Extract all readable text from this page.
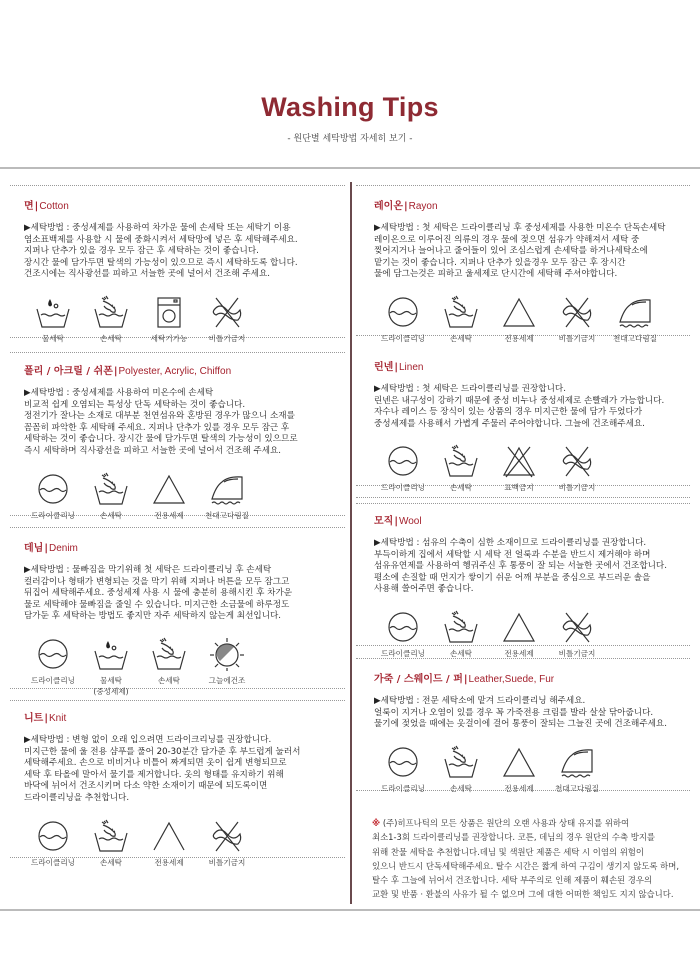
Washing Tips
- 원단별 세탁방법 자세히 보기 -
면|Cotton
▶세탁방법 : 중성세제를 사용하여 차가운 물에 손세탁 또는 세탁기 이용
염소표백제를 사용할 시 물에 중화시켜서 세탁망에 넣은 후 세탁해주세요.
지퍼나 단추가 있을 경우 모두 잠근 후 세탁하는 것이 좋습니다.
장시간 물에 담가두면 탈색의 가능성이 있으므로 즉시 세탁하도록 합니다.
건조시에는 직사광선를 피하고 서늘한 곳에 널어서 건조해 주세요.
물세탁	손세탁	세탁기가능	비틀기금지
폴리 / 아크릴 / 쉬폰|Polyester, Acrylic, Chiffon
▶세탁방법 : 중성세제를 사용하여 미온수에 손세탁
비교적 쉽게 오염되는 특성상 단독 세탁하는 것이 좋습니다.
정전기가 잘나는 소재로 대부분 천연섬유와 혼방된 경우가 많으니 소재를
꼼꼼히 파악한 후 세탁해 주세요. 지퍼나 단추가 있를 경우 모두 잠근 후
세탁하는 것이 좋습니다. 장시간 물에 담가두면 탈색의 가능성이 있으므로
즉시 세탁하며 직사광선을 피하고 서늘한 곳에 널어서 건조해 주세요.
드라이클리닝	손세탁	전용세제	천대고다림질
데님|Denim
▶세탁방법 : 물빠짐을 막기위해 첫 세탁은 드라이클리닝 후 손세탁
컬러감이나 형태가 변형되는 것을 막기 위해 지퍼나 버튼을 모두 잠그고
뒤집어 세탁해주세요. 중성세제 사용 시 물에 충분히 용해시킨 후 차가운
물로 세탁해야 물빠짐을 줄일 수 있습니다. 미지근한 소금물에 하루정도
담가둔 후 세탁하는 방법도 좋지만 자주 세탁하지 않는게 최선입니다.
드라이클리닝	물세탁
(중성세제)
손세탁	그늘에건조
니트|Knit
▶세탁방법 : 변형 없이 오래 입으려면 드라이크리닝를 권장합니다.
미지근한 물에 울 전용 샴푸를 풀어 20-30분간 담가준 후 부드럽게 눌러서
세탁해주세요. 손으로 비비거나 비틀어 짜게되면 옷이 쉽게 변형되므로
세탁 후 타올에 말아서 물기를 제거합니다. 옷의 형태를 유지하기 위해
바닥에 뉘어서 건조시키며 다소 약한 소재이기 때문에 되도록이면
드라이클리닝을 추천합니다.
드라이클리닝	손세탁	전용세제	비틀기금지
레이온|Rayon
▶세탁방법 : 첫 세탁은 드라이클리닝 후 중성세제를 사용한 미온수 단독손세탁
레이온으로 이루어진 의류의 경우 물에 젖으면 섬유가 약해져서 세탁 중
찢어지거나 늘어나고 줄어들이 있어 조심스럽게 손세탁를 하거나세탁소에
맡기는 것이 좋습니다. 지퍼나 단추가 있을경우 모두 잠근 후 장시간
물에 담그는것은 피하고 울세제로 단시간에 세탁해 주셔야합니다.
드라이클리닝	손세탁	전용세제	비틀기금지 천대고다림질
린넨|Linen
▶세탁방법 : 첫 세탁은 드라이클리닝를 권장합니다.
린넨은 내구성이 강하기 때문에 중성 비누나 중성세제로 손빨래가 가능합니다.
자수나 레이스 등 장식이 있는 상품의 경우 미지근한 물에 담가 두었다가
중성세제를 사용해서 가볍게 주물러 주어야합니다. 그늘에 건조해주세요.
드라이클리닝	손세탁	표백금지	비틀기금지
모직|Wool
▶세탁방법 : 섬유의 수축이 심한 소재이므로 드라이클리닝를 권장합니다.
부득이하게 집에서 세탁할 시 세탁 전 얼룩과 수분을 반드시 제거해야 하며
섬유유연제를 사용하여 헹궈주신 후 통풍이 잘 되는 서늘한 곳에서 건조합니다.
평소에 손질할 때 먼지가 쌓이기 쉬운 어깨 부분을 중심으로 부드러운 솔을
사용해 쓸어주면 좋습니다.
드라이클리닝	손세탁	전용세제	비틀기금지
가죽 / 스웨이드 / 퍼|Leather,Suede, Fur
▶세탁방법 : 전문 세탁소에 맡겨 드라이클리닝 해주세요.
얼룩이 지거나 오염이 있를 경우 꼭 가죽전용 크림를 발라 살살 닦아줍니다.
물기에 젖었을 때에는 옷걸이에 걸어 통풍이 잘되는 그늘진 곳에 건조해주세요.
드라이클리닝	손세탁	전용세제	천대고다림질
※ (주)히프나틱의 모든 상품은 원단의 오랜 사용과 상태 유지를 위하여
최소1-3회 드라이클리닝를 권장합니다. 코튼, 데님의 경우 원단의 수축 방지를
위해 찬물 세탁을 추천합니다.데님 및 색원단 제품은 세탁 시 이염의 위험이
있으니 반드시 단독세탁해주세요. 탈수 시간은 짧게 하여 구김이 생기지 않도록 하며,
탈수 후 그늘에 뉘어서 건조합니다. 세탁 부주의로 인해 제품이 훼손된 경우의
교환 및 반품 · 환불의 사유가 될 수 없으며 그에 대한 어떠한 책임도 지지 않습니다.
